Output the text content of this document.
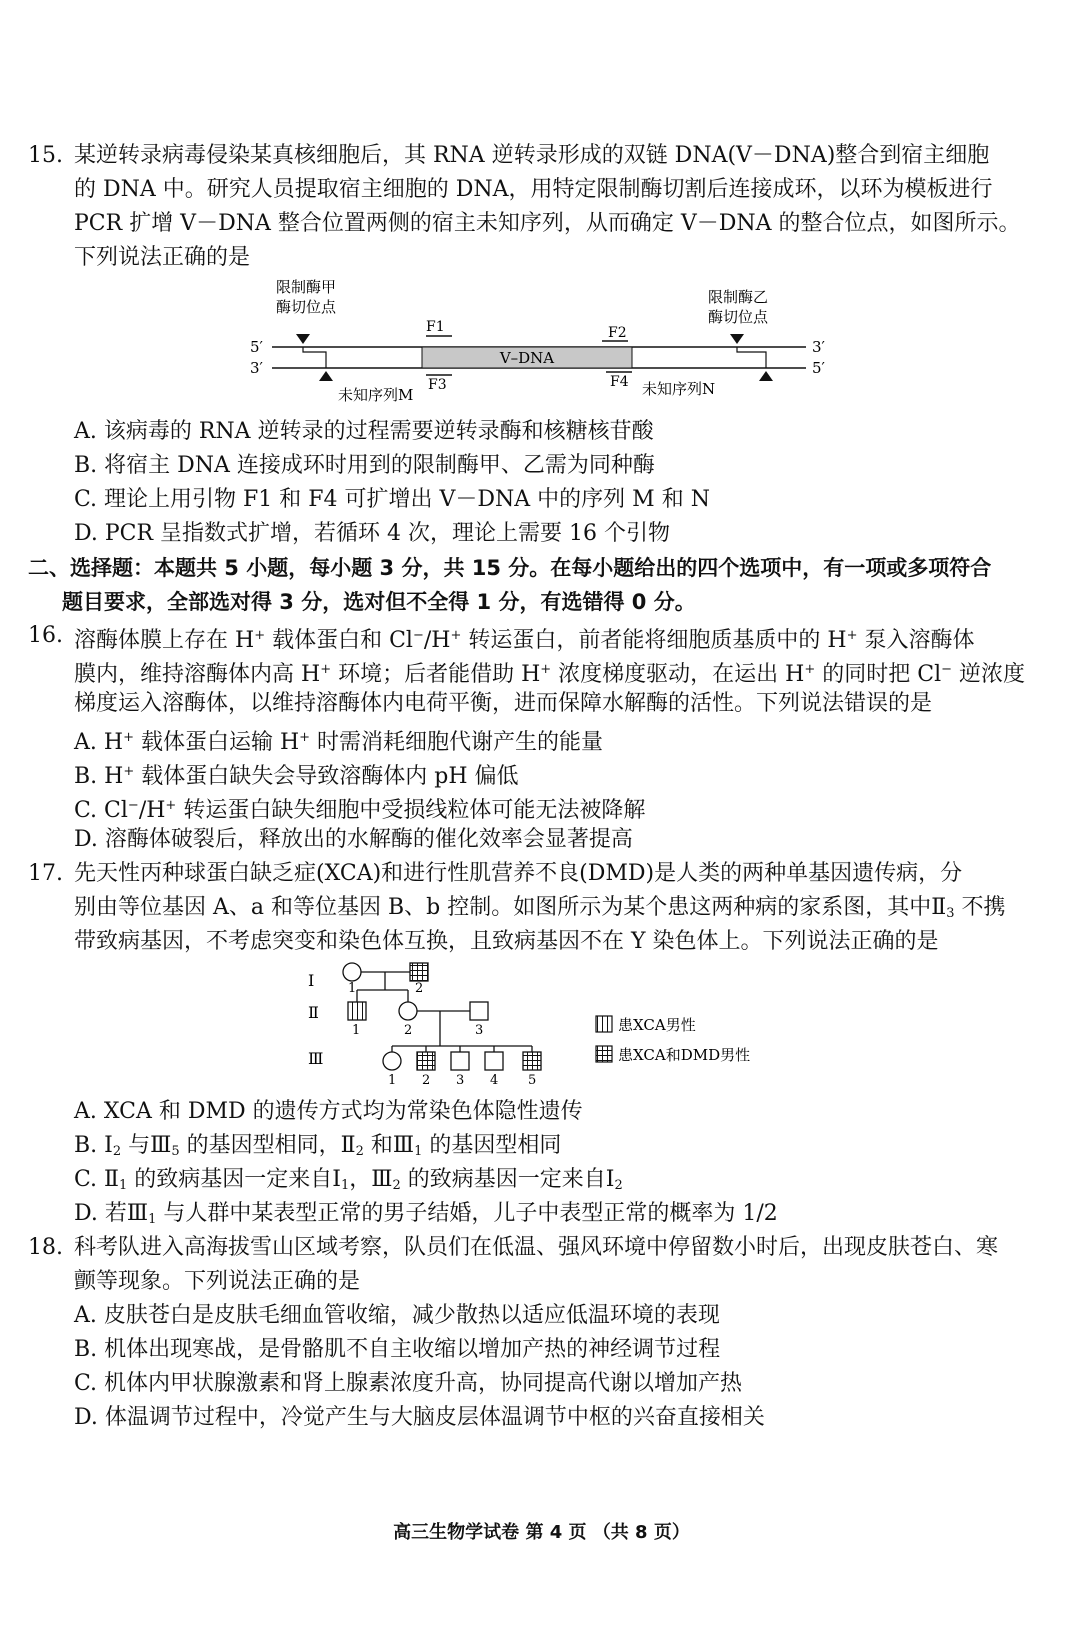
15. 某逆转录病毒侵染某真核细胞后，其 RNA 逆转录形成的双链 DNA(V－DNA)整合到宿主细胞
的 DNA 中。研究人员提取宿主细胞的 DNA，用特定限制酶切割后连接成环，以环为模板进行
PCR 扩增 V－DNA 整合位置两侧的宿主未知序列，从而确定 V－DNA 的整合位点，如图所示。
下列说法正确的是
限制酶甲
酶切位点
限制酶乙
酶切位点
5′
3′
3′
5′
V–DNA
F1	F2
F3	F4
未知序列M	未知序列N
A. 该病毒的 RNA 逆转录的过程需要逆转录酶和核糖核苷酸
B. 将宿主 DNA 连接成环时用到的限制酶甲、乙需为同种酶
C. 理论上用引物 F1 和 F4 可扩增出 V－DNA 中的序列 M 和 N
D. PCR 呈指数式扩增，若循环 4 次，理论上需要 16 个引物
二、选择题：本题共 5 小题，每小题 3 分，共 15 分。在每小题给出的四个选项中，有一项或多项符合
题目要求，全部选对得 3 分，选对但不全得 1 分，有选错得 0 分。
16. 溶酶体膜上存在 H+ 载体蛋白和 Cl−/H+ 转运蛋白，前者能将细胞质基质中的 H+ 泵入溶酶体
膜内，维持溶酶体内高 H+ 环境；后者能借助 H+ 浓度梯度驱动，在运出 H+ 的同时把 Cl− 逆浓度
梯度运入溶酶体，以维持溶酶体内电荷平衡，进而保障水解酶的活性。下列说法错误的是
A. H+ 载体蛋白运输 H+ 时需消耗细胞代谢产生的能量
B. H+ 载体蛋白缺失会导致溶酶体内 pH 偏低
C. Cl−/H+ 转运蛋白缺失细胞中受损线粒体可能无法被降解
D. 溶酶体破裂后，释放出的水解酶的催化效率会显著提高
17. 先天性丙种球蛋白缺乏症(XCA)和进行性肌营养不良(DMD)是人类的两种单基因遗传病，分
别由等位基因 A、a 和等位基因 B、b 控制。如图所示为某个患这两种病的家系图，其中$Ⅱ_3$ 不携
带致病基因，不考虑突变和染色体互换，且致病基因不在 Y 染色体上。下列说法正确的是
Ⅰ
Ⅱ
Ⅲ
1	2
1	2	3
1 2 3 4 5
患XCA男性
患XCA和DMD男性
A. XCA 和 DMD 的遗传方式均为常染色体隐性遗传
B. $Ⅰ_2$ 与$Ⅲ_5$ 的基因型相同，$Ⅱ_2$ 和$Ⅲ_1$ 的基因型相同
C. $Ⅱ_1$ 的致病基因一定来自$Ⅰ_1$，$Ⅲ_2$ 的致病基因一定来自$Ⅰ_2$
D. 若$Ⅲ_1$ 与人群中某表型正常的男子结婚，儿子中表型正常的概率为 1/2
18. 科考队进入高海拔雪山区域考察，队员们在低温、强风环境中停留数小时后，出现皮肤苍白、寒
颤等现象。下列说法正确的是
A. 皮肤苍白是皮肤毛细血管收缩，减少散热以适应低温环境的表现
B. 机体出现寒战，是骨骼肌不自主收缩以增加产热的神经调节过程
C. 机体内甲状腺激素和肾上腺素浓度升高，协同提高代谢以增加产热
D. 体温调节过程中，冷觉产生与大脑皮层体温调节中枢的兴奋直接相关
高三生物学试卷 第 4 页 （共 8 页）
